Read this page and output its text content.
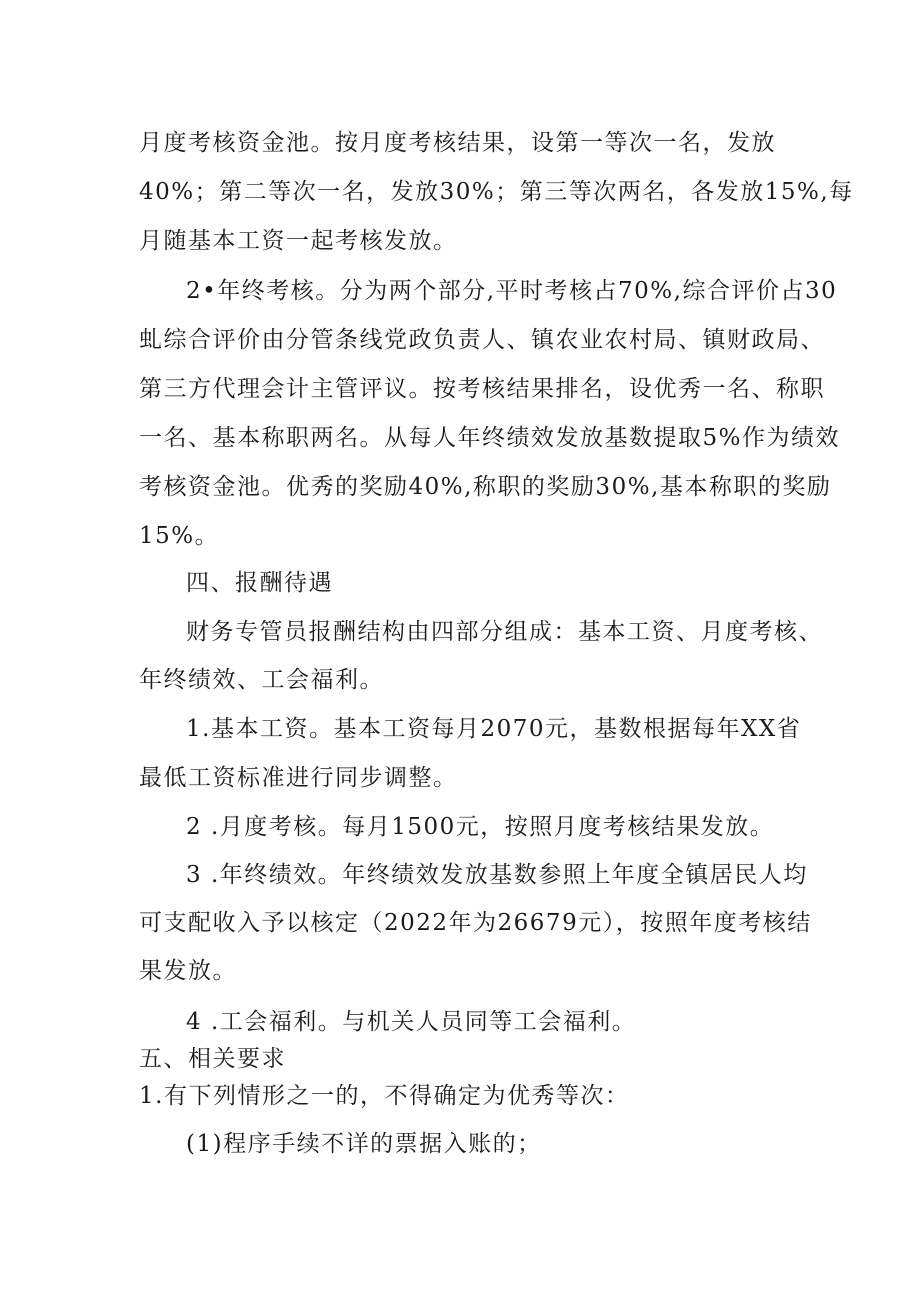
月度考核资金池。按月度考核结果，设第一等次一名，发放
40%；第二等次一名，发放30%；第三等次两名，各发放15%,每
月随基本工资一起考核发放。
2•年终考核。分为两个部分,平时考核占70%,综合评价占30
虬综合评价由分管条线党政负责人、镇农业农村局、镇财政局、
第三方代理会计主管评议。按考核结果排名，设优秀一名、称职
一名、基本称职两名。从每人年终绩效发放基数提取5%作为绩效
考核资金池。优秀的奖励40%,称职的奖励30%,基本称职的奖励
15%。
四、报酬待遇
财务专管员报酬结构由四部分组成：基本工资、月度考核、
年终绩效、工会福利。
1.基本工资。基本工资每月2070元，基数根据每年XX省
最低工资标准进行同步调整。
2 .月度考核。每月1500元，按照月度考核结果发放。
3 .年终绩效。年终绩效发放基数参照上年度全镇居民人均
可支配收入予以核定（2022年为26679元），按照年度考核结
果发放。
4 .工会福利。与机关人员同等工会福利。
五、相关要求
1.有下列情形之一的，不得确定为优秀等次：
(1)程序手续不详的票据入账的；
